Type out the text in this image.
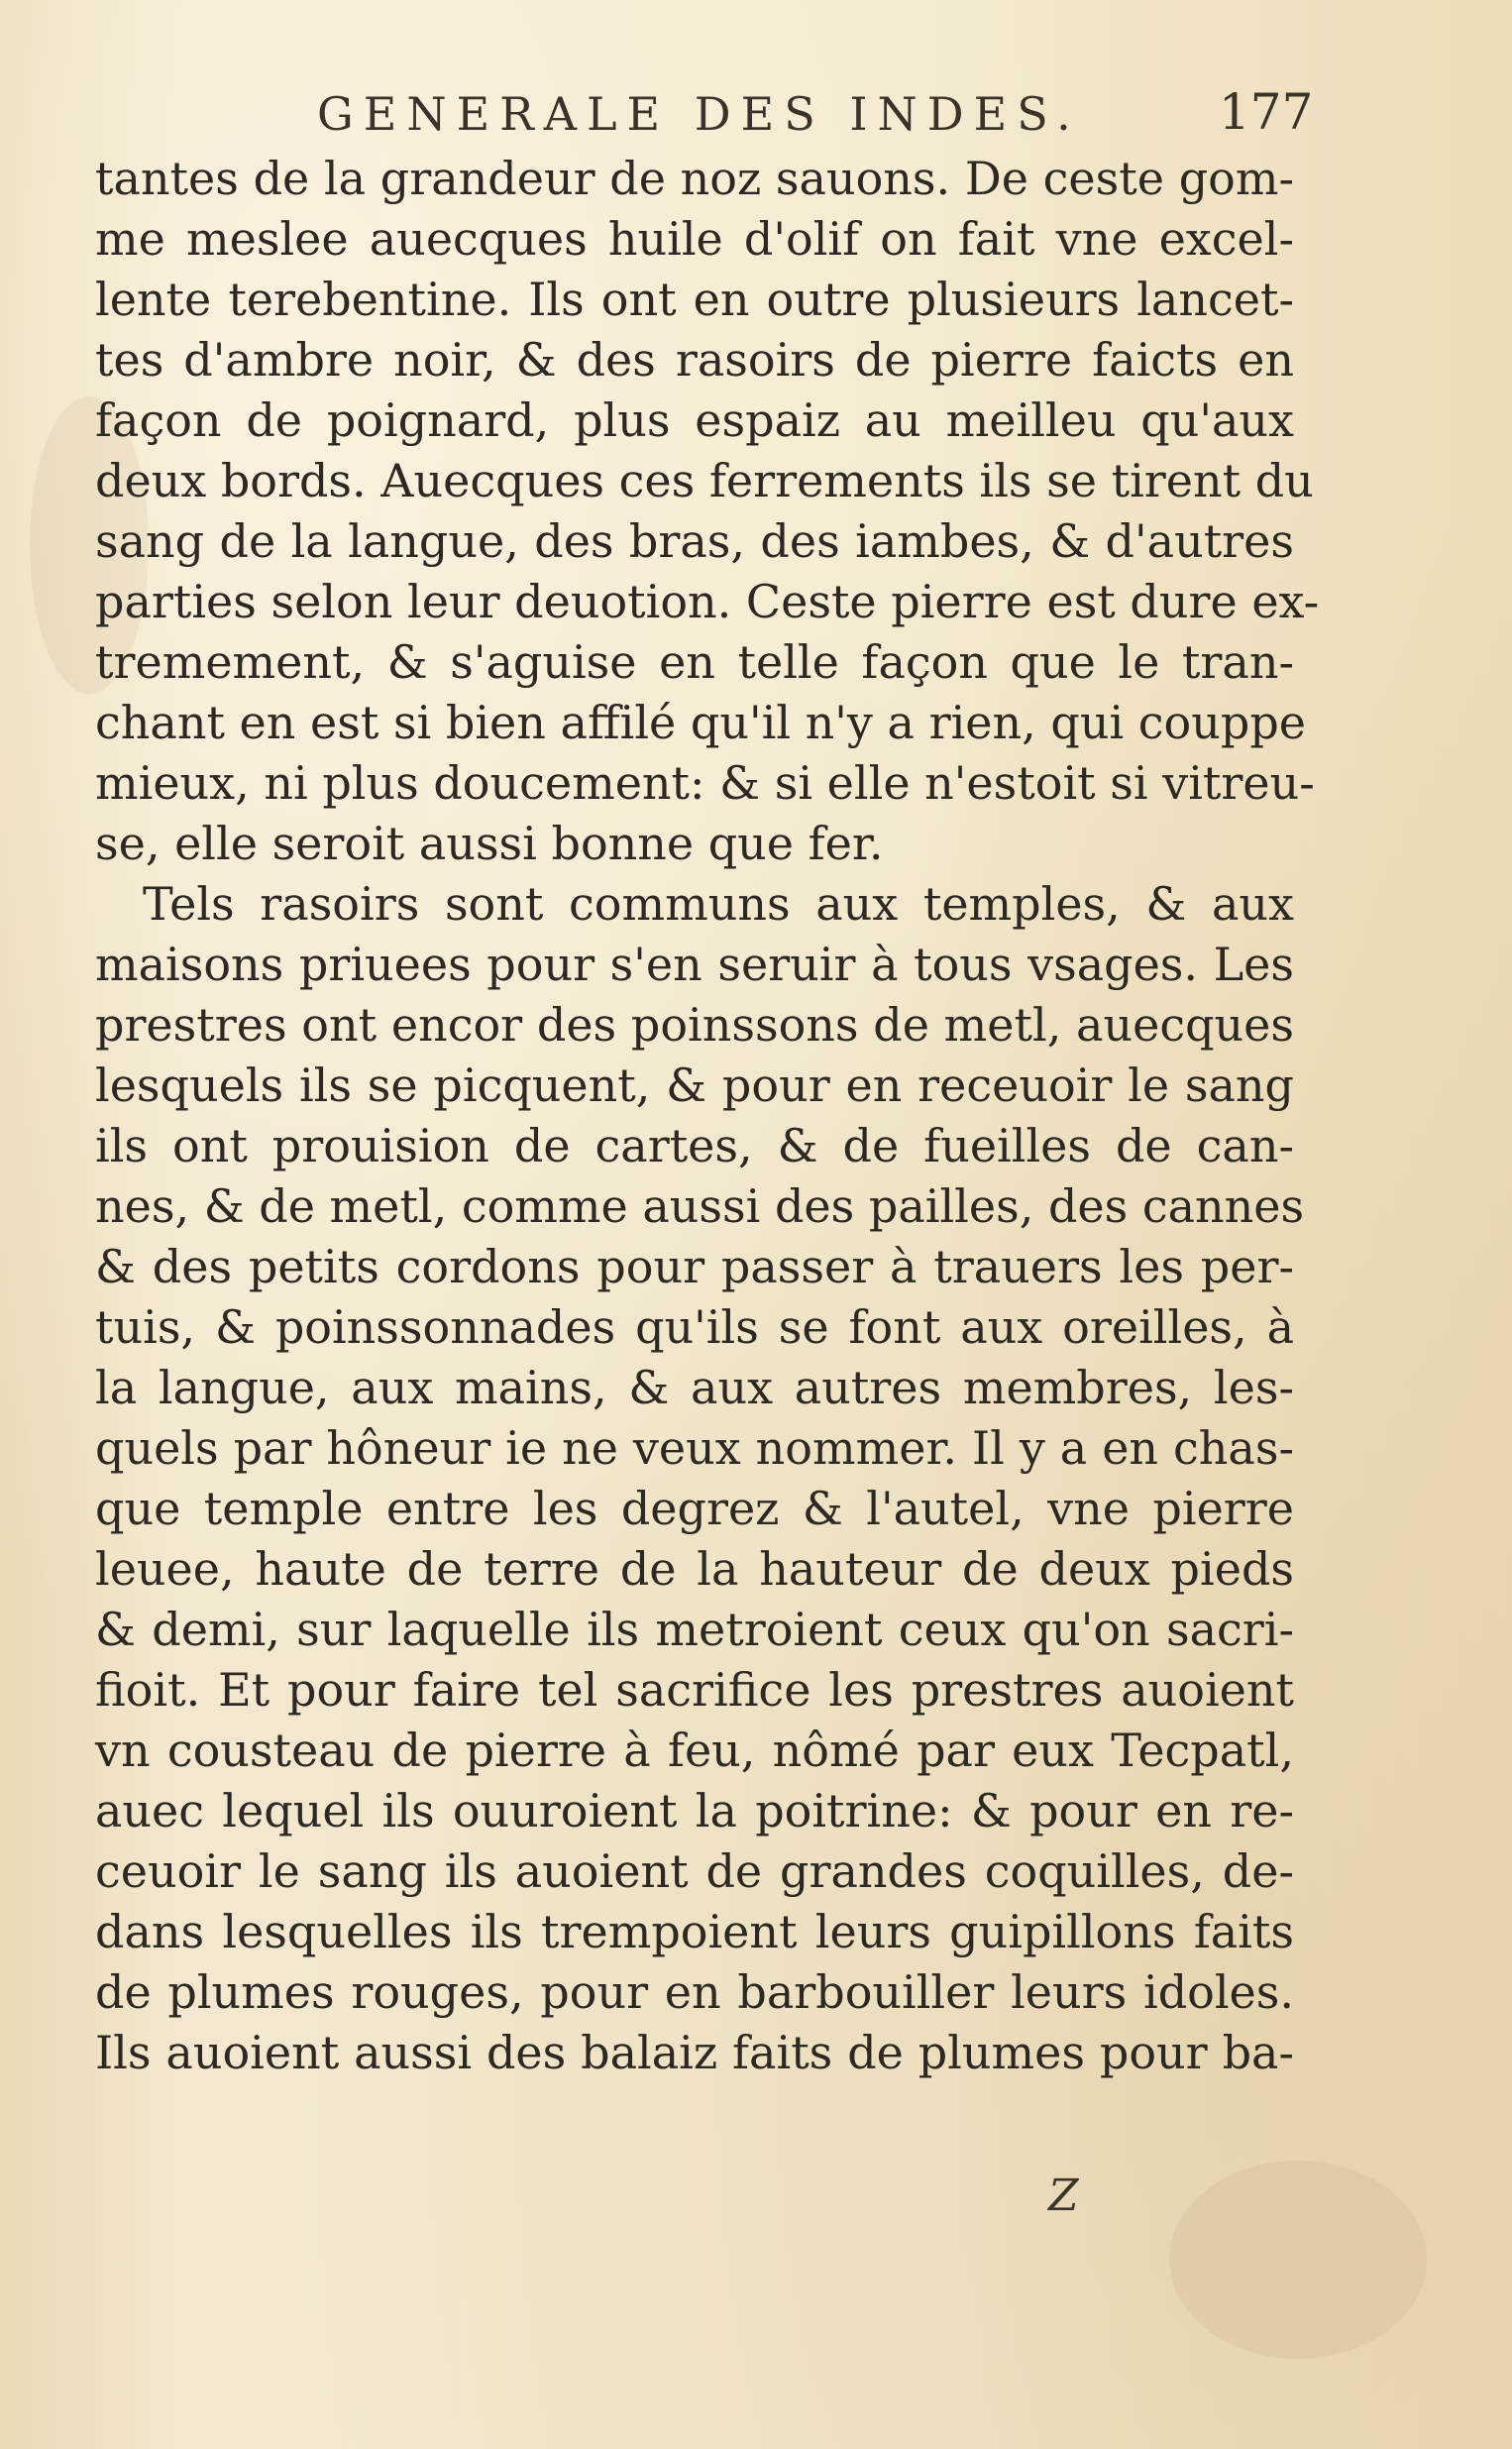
GENERALE DES INDES.	177
tantes de la grandeur de noz sauons. De ceste gom-
me meslee auecques huile d'olif on fait vne excel-
lente terebentine. Ils ont en outre plusieurs lancet-
tes d'ambre noir, & des rasoirs de pierre faicts en
façon de poignard, plus espaiz au meilleu qu'aux
deux bords. Auecques ces ferrements ils se tirent du
sang de la langue, des bras, des iambes, & d'autres
parties selon leur deuotion. Ceste pierre est dure ex-
tremement, & s'aguise en telle façon que le tran-
chant en est si bien affilé qu'il n'y a rien, qui couppe
mieux, ni plus doucement: & si elle n'estoit si vitreu-
se, elle seroit aussi bonne que fer.
Tels rasoirs sont communs aux temples, & aux
maisons priuees pour s'en seruir à tous vsages. Les
prestres ont encor des poinssons de metl, auecques
lesquels ils se picquent, & pour en receuoir le sang
ils ont prouision de cartes, & de fueilles de can-
nes, & de metl, comme aussi des pailles, des cannes
& des petits cordons pour passer à trauers les per-
tuis, & poinssonnades qu'ils se font aux oreilles, à
la langue, aux mains, & aux autres membres, les-
quels par hôneur ie ne veux nommer. Il y a en chas-
que temple entre les degrez & l'autel, vne pierre
leuee, haute de terre de la hauteur de deux pieds
& demi, sur laquelle ils metroient ceux qu'on sacri-
fioit. Et pour faire tel sacrifice les prestres auoient
vn cousteau de pierre à feu, nômé par eux Tecpatl,
auec lequel ils ouuroient la poitrine: & pour en re-
ceuoir le sang ils auoient de grandes coquilles, de-
dans lesquelles ils trempoient leurs guipillons faits
de plumes rouges, pour en barbouiller leurs idoles.
Ils auoient aussi des balaiz faits de plumes pour ba-
Z
